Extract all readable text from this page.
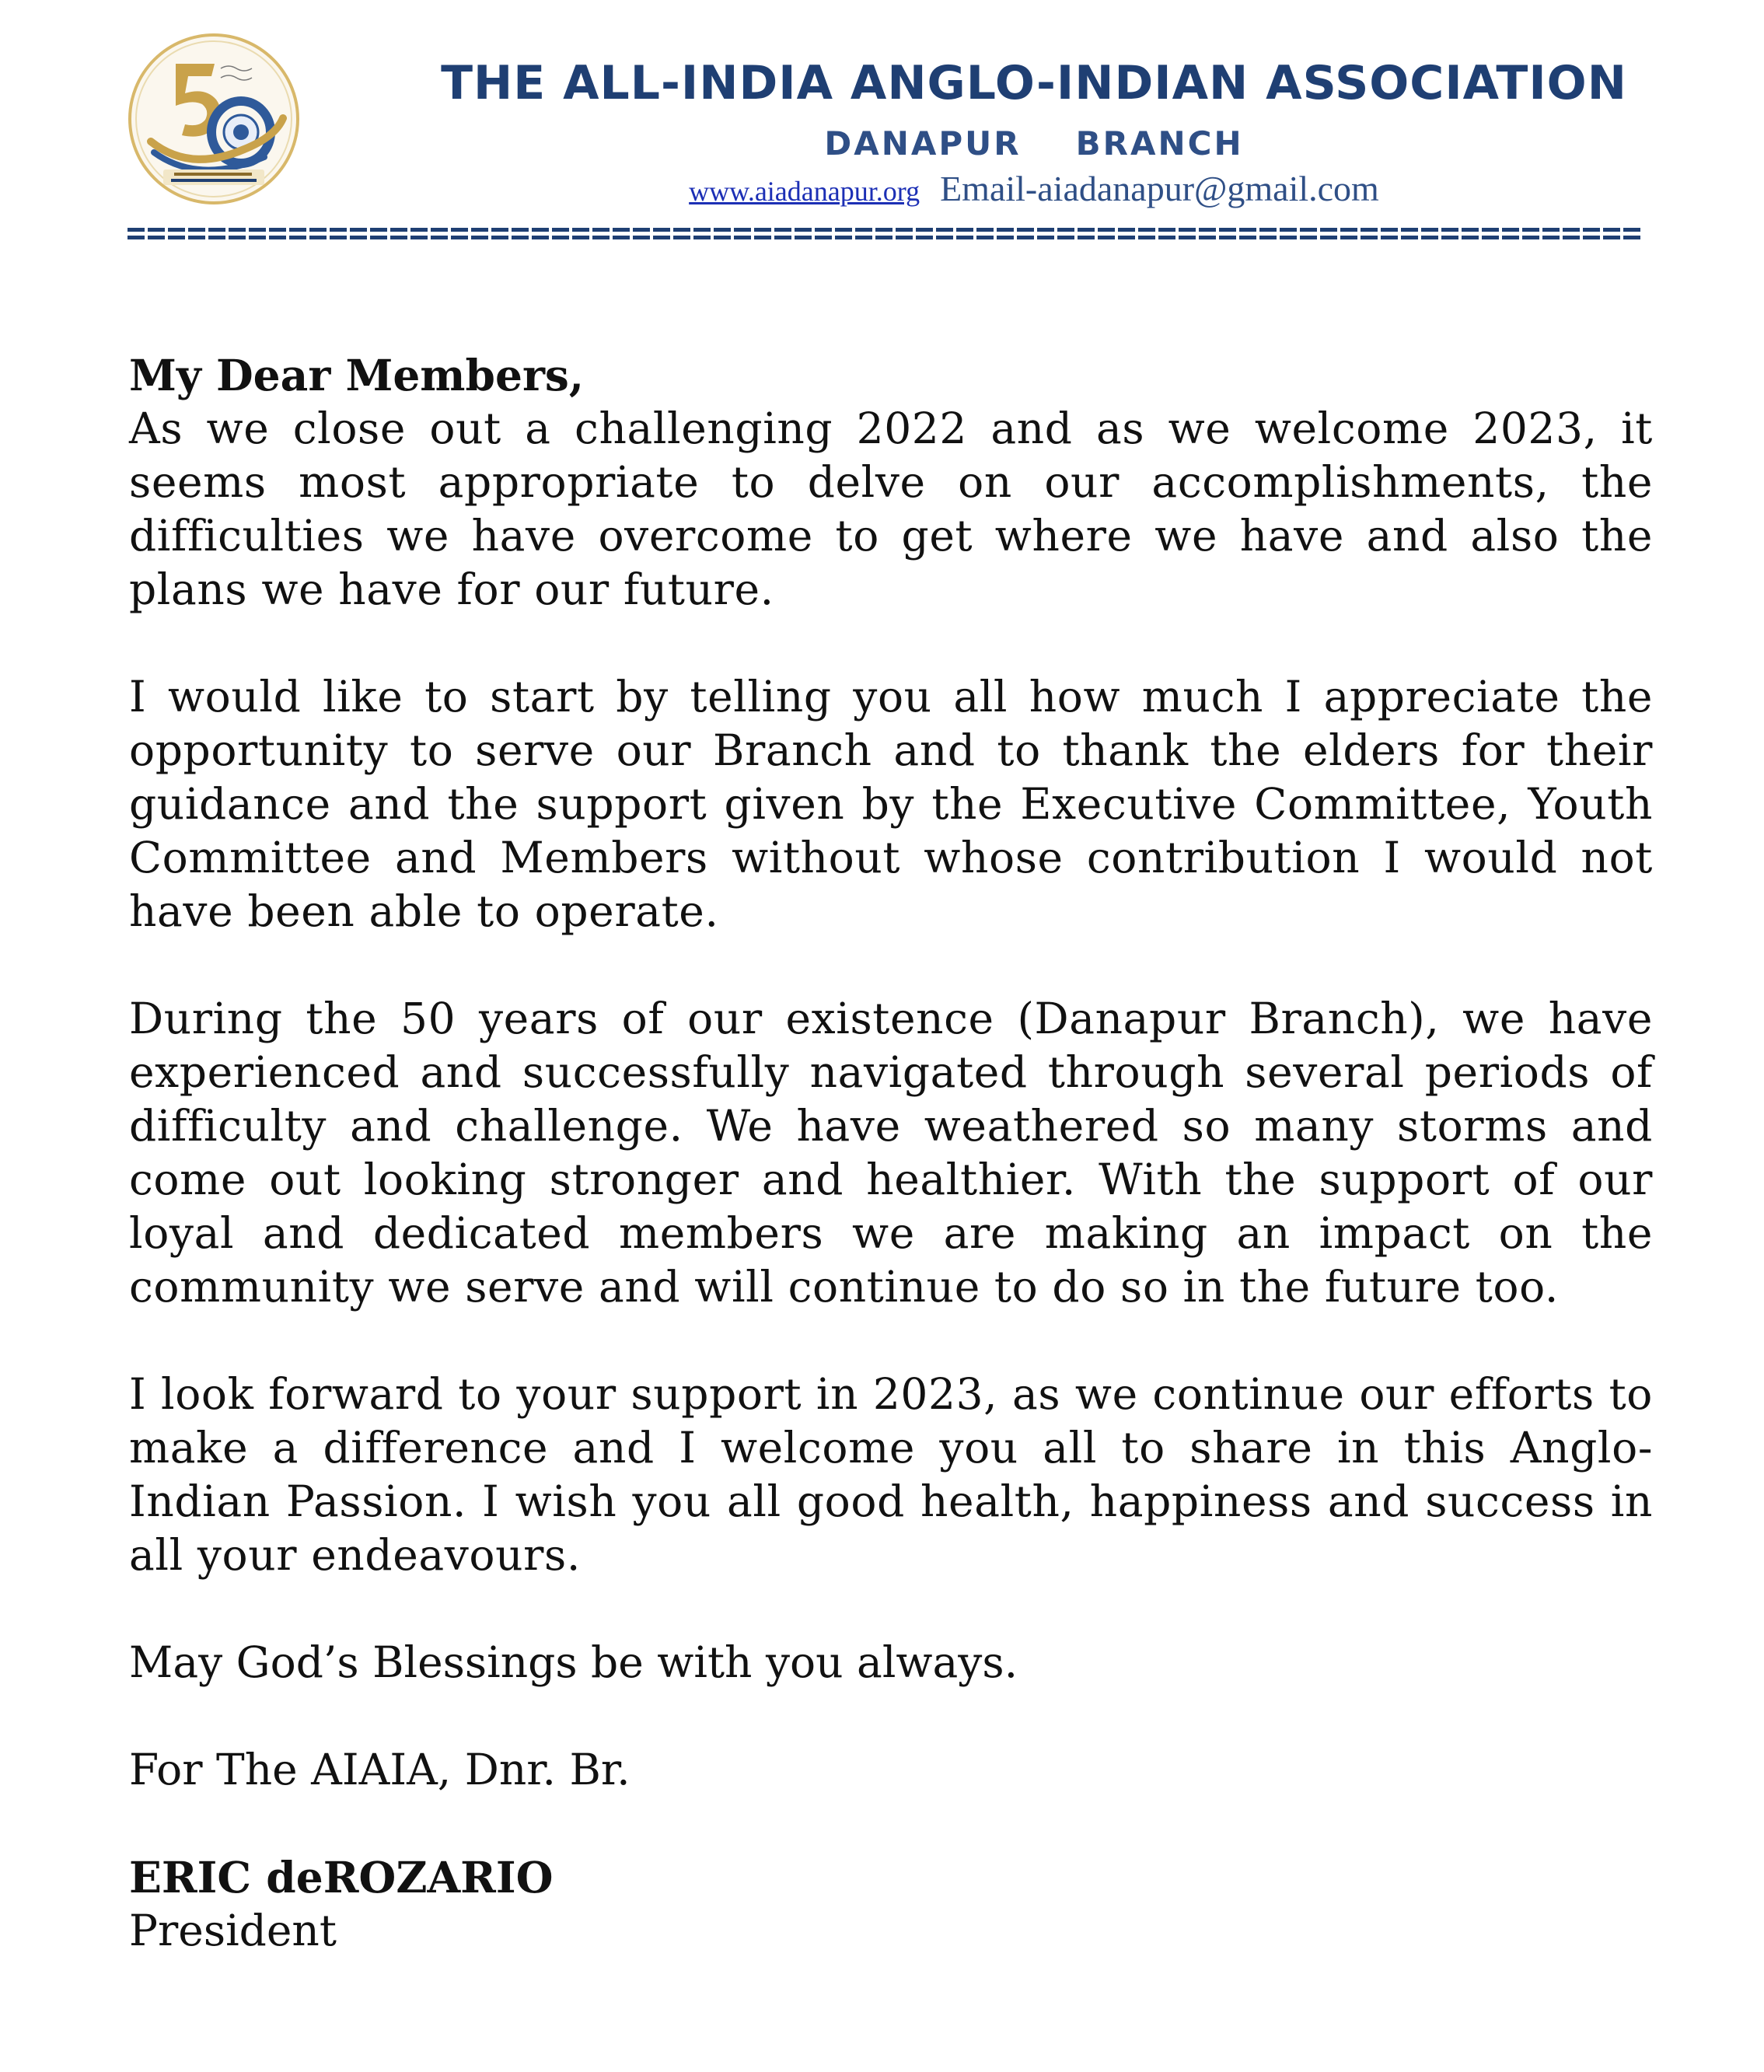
THE ALL-INDIA ANGLO-INDIAN ASSOCIATION
DANAPUR BRANCH
www.aiadanapur.org Email-aiadanapur@gmail.com

My Dear Members,

As we close out a challenging 2022 and as we welcome 2023, it seems most appropriate to delve on our accomplishments, the difficulties we have overcome to get where we have and also the plans we have for our future.

I would like to start by telling you all how much I appreciate the opportunity to serve our Branch and to thank the elders for their guidance and the support given by the Executive Committee, Youth Committee and Members without whose contribution I would not have been able to operate.

During the 50 years of our existence (Danapur Branch), we have experienced and successfully navigated through several periods of difficulty and challenge. We have weathered so many storms and come out looking stronger and healthier. With the support of our loyal and dedicated members we are making an impact on the community we serve and will continue to do so in the future too.

I look forward to your support in 2023, as we continue our efforts to make a difference and I welcome you all to share in this Anglo-Indian Passion. I wish you all good health, happiness and success in all your endeavours.

May God’s Blessings be with you always.

For The AIAIA, Dnr. Br.

ERIC deROZARIO

President
